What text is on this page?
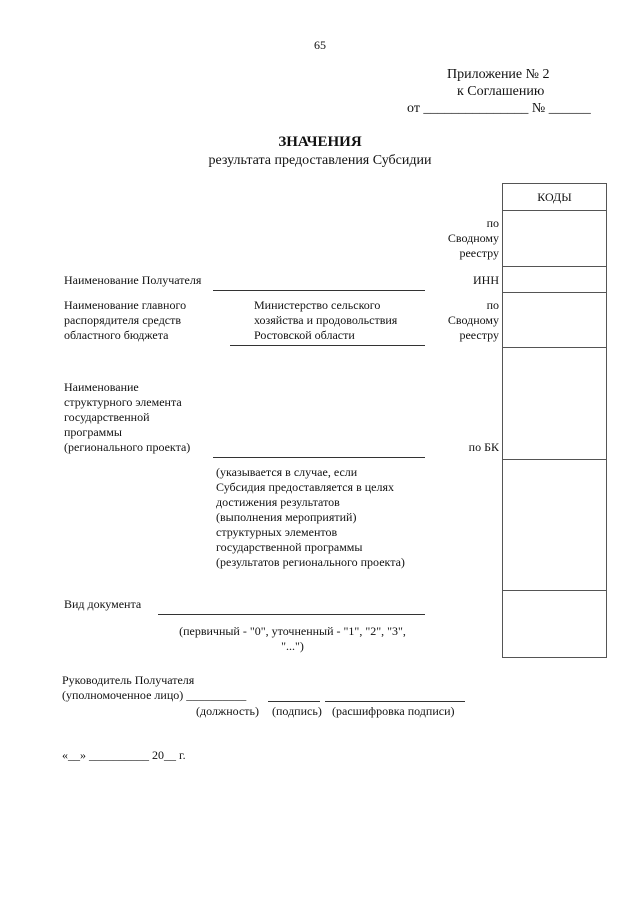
65
Приложение № 2
к Соглашению
от _______________ № ______
ЗНАЧЕНИЯ
результата предоставления Субсидии
КОДЫ
по
Сводному
реестру
Наименование Получателя	ИНН
Наименование главного
распорядителя средств
областного бюджета
Министерство сельского
хозяйства и продовольствия
Ростовской области
по
Сводному
реестру
Наименование
структурного элемента
государственной
программы
(регионального проекта)	по БК
(указывается в случае, если
Субсидия предоставляется в целях
достижения результатов
(выполнения мероприятий)
структурных элементов
государственной программы
(результатов регионального проекта)
Вид документа
(первичный - "0", уточненный - "1", "2", "3",
"...")
Руководитель Получателя
(уполномоченное лицо) __________
(должность) (подпись) (расшифровка подписи)
«__» __________ 20__ г.
